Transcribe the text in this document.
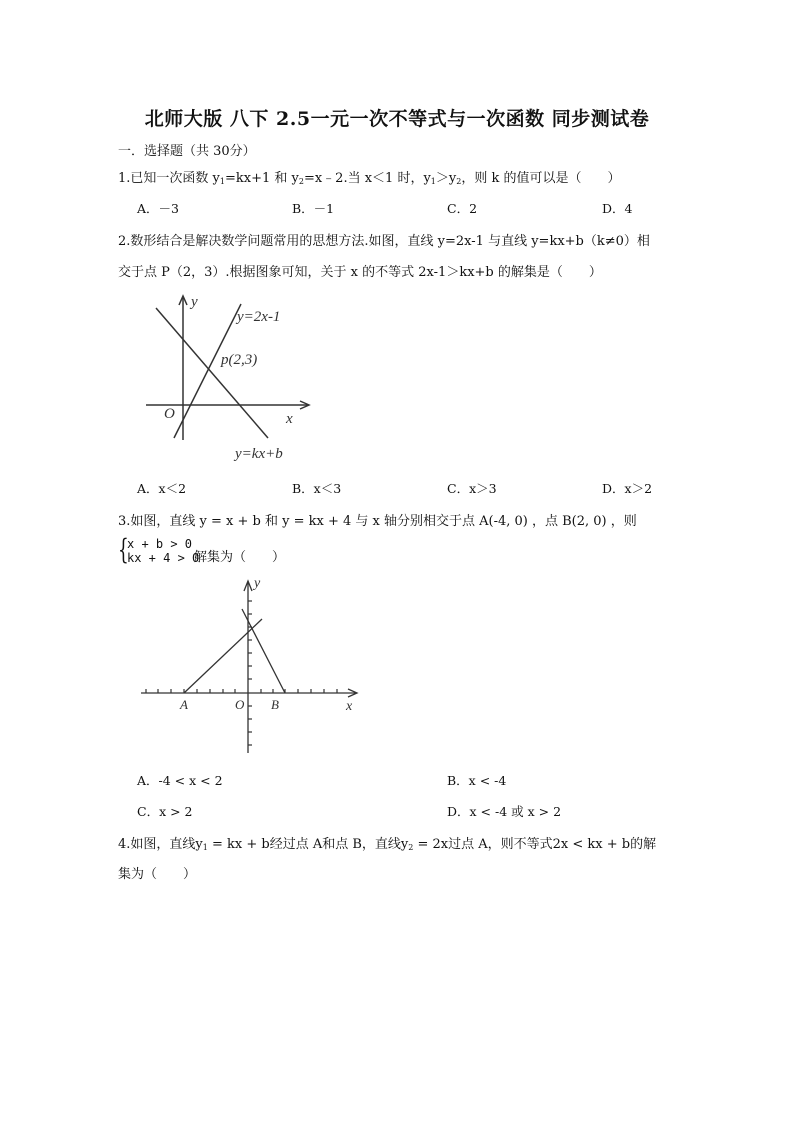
北师大版 八下 2.5一元一次不等式与一次函数 同步测试卷
一．选择题（共 30分）
1.已知一次函数 $y_1=kx+1$ 和 $y_2=x﹣2$.当 x＜1 时，$y_1>y_2$，则 k 的值可以是（　　）
A．－3	B．－1	C．2	D．4
2.数形结合是解决数学问题常用的思想方法.如图，直线 y=2x-1 与直线 y=kx+b（k≠0）相
交于点 P（2，3）.根据图象可知，关于 x 的不等式 2x-1＞kx+b 的解集是（　　）
y
x
O
y=2x-1
p(2,3)
y=kx+b
A．x＜2	B．x＜3	C．x＞3	D．x＞2
3.如图，直线 y = x + b 和 y = kx + 4 与 x 轴分别相交于点 A(-4, 0) ，点 B(2, 0) ，则
{
x + b > 0
kx + 4 > 0
解集为（　　）
y
x
O
A	B
A．-4 < x < 2	B．x < -4
C．x > 2	D．x < -4 或 x > 2
4.如图，直线$y_1$ = kx + b经过点 A和点 B，直线$y_2 = 2x$过点 A，则不等式2x < kx + b的解
集为（　　）
